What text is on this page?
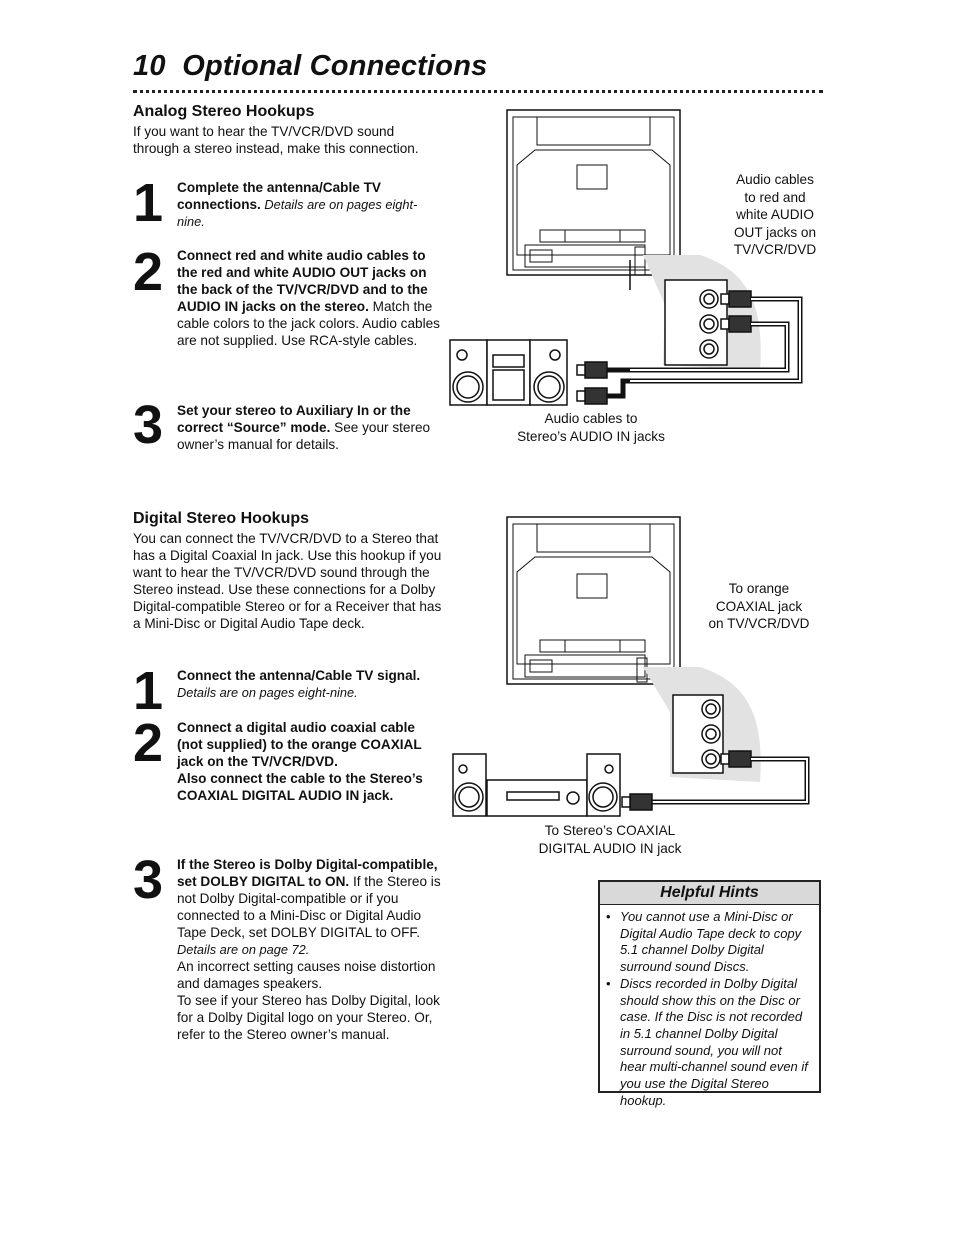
10 Optional Connections
Analog Stereo Hookups
If you want to hear the TV/VCR/DVD sound through a stereo instead, make this connection.
1 Complete the antenna/Cable TV connections. Details are on pages eight-nine.
2 Connect red and white audio cables to the red and white AUDIO OUT jacks on the back of the TV/VCR/DVD and to the AUDIO IN jacks on the stereo. Match the cable colors to the jack colors. Audio cables are not supplied. Use RCA-style cables.
3 Set your stereo to Auxiliary In or the correct “Source” mode. See your stereo owner’s manual for details.
Audio cables
to red and
white AUDIO
OUT jacks on
TV/VCR/DVD
Audio cables to
Stereo’s AUDIO IN jacks
Digital Stereo Hookups
You can connect the TV/VCR/DVD to a Stereo that has a Digital Coaxial In jack. Use this hookup if you want to hear the TV/VCR/DVD sound through the Stereo instead. Use these connections for a Dolby Digital-compatible Stereo or for a Receiver that has a Mini-Disc or Digital Audio Tape deck.
1 Connect the antenna/Cable TV signal. Details are on pages eight-nine.
2 Connect a digital audio coaxial cable (not supplied) to the orange COAXIAL jack on the TV/VCR/DVD.
Also connect the cable to the Stereo’s COAXIAL DIGITAL AUDIO IN jack.
3 If the Stereo is Dolby Digital-compatible, set DOLBY DIGITAL to ON. If the Stereo is not Dolby Digital-compatible or if you connected to a Mini-Disc or Digital Audio Tape Deck, set DOLBY DIGITAL to OFF. Details are on page 72.
An incorrect setting causes noise distortion and damages speakers.
To see if your Stereo has Dolby Digital, look for a Dolby Digital logo on your Stereo. Or, refer to the Stereo owner’s manual.
To orange
COAXIAL jack
on TV/VCR/DVD
To Stereo’s COAXIAL
DIGITAL AUDIO IN jack
Helpful Hints
• You cannot use a Mini-Disc or Digital Audio Tape deck to copy 5.1 channel Dolby Digital surround sound Discs.
• Discs recorded in Dolby Digital should show this on the Disc or case. If the Disc is not recorded in 5.1 channel Dolby Digital surround sound, you will not hear multi-channel sound even if you use the Digital Stereo hookup.
